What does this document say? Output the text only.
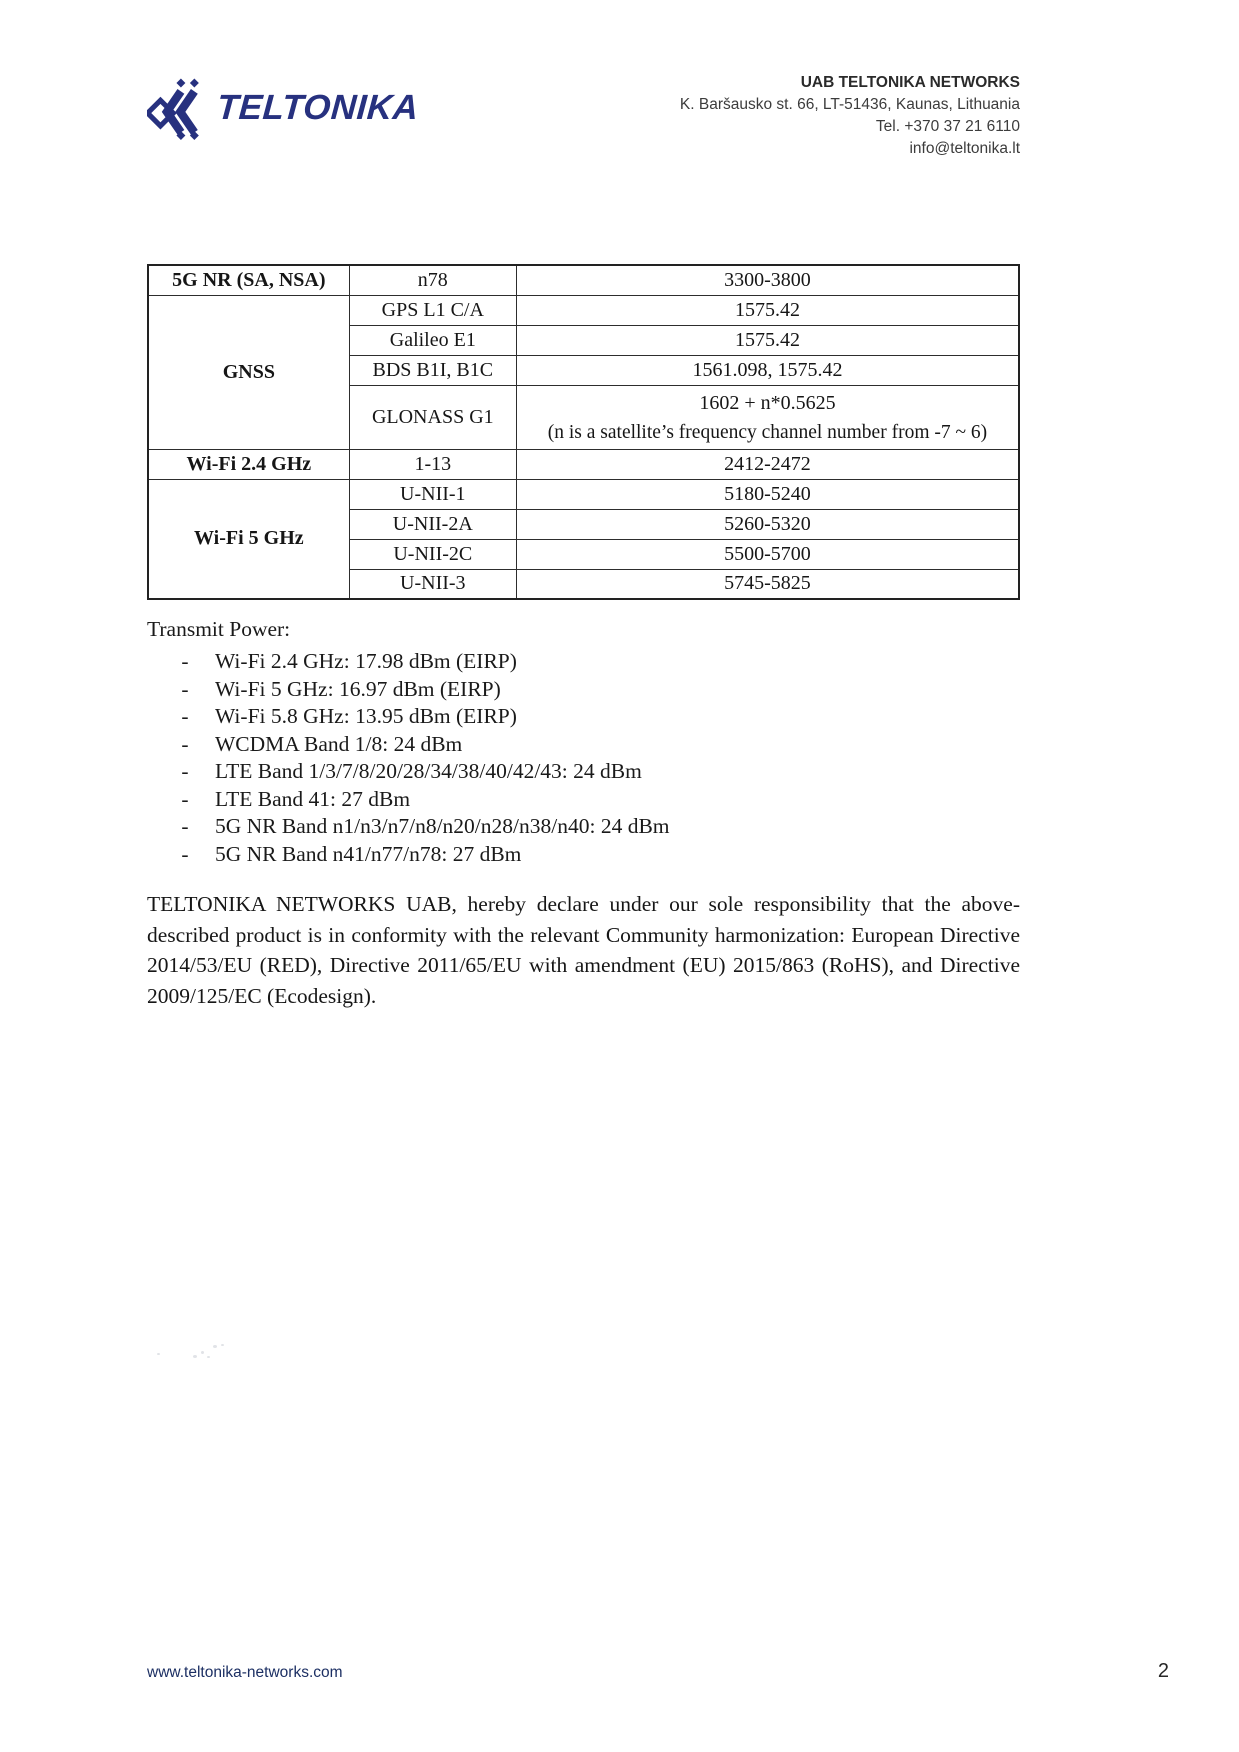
TELTONIKA
UAB TELTONIKA NETWORKS
K. Baršausko st. 66, LT-51436, Kaunas, Lithuania
Tel. +370 37 21 6110
info@teltonika.lt
5G NR (SA, NSA)	n78	3300-3800
GNSS	GPS L1 C/A	1575.42
	Galileo E1	1575.42
	BDS B1I, B1C	1561.098, 1575.42
	GLONASS G1	1602 + n*0.5625
(n is a satellite’s frequency channel number from -7 ~ 6)

Wi-Fi 2.4 GHz	1-13	2412-2472
Wi-Fi 5 GHz	U-NII-1	5180-5240
	U-NII-2A	5260-5320
	U-NII-2C	5500-5700
	U-NII-3	5745-5825
Transmit Power:
- Wi-Fi 2.4 GHz: 17.98 dBm (EIRP)
- Wi-Fi 5 GHz: 16.97 dBm (EIRP)
- Wi-Fi 5.8 GHz: 13.95 dBm (EIRP)
- WCDMA Band 1/8: 24 dBm
- LTE Band 1/3/7/8/20/28/34/38/40/42/43: 24 dBm
- LTE Band 41: 27 dBm
- 5G NR Band n1/n3/n7/n8/n20/n28/n38/n40: 24 dBm
- 5G NR Band n41/n77/n78: 27 dBm

TELTONIKA NETWORKS UAB, hereby declare under our sole responsibility that the above-described product is in conformity with the relevant Community harmonization: European Directive 2014/53/EU (RED), Directive 2011/65/EU with amendment (EU) 2015/863 (RoHS), and Directive 2009/125/EC (Ecodesign).

www.teltonika-networks.com	2
